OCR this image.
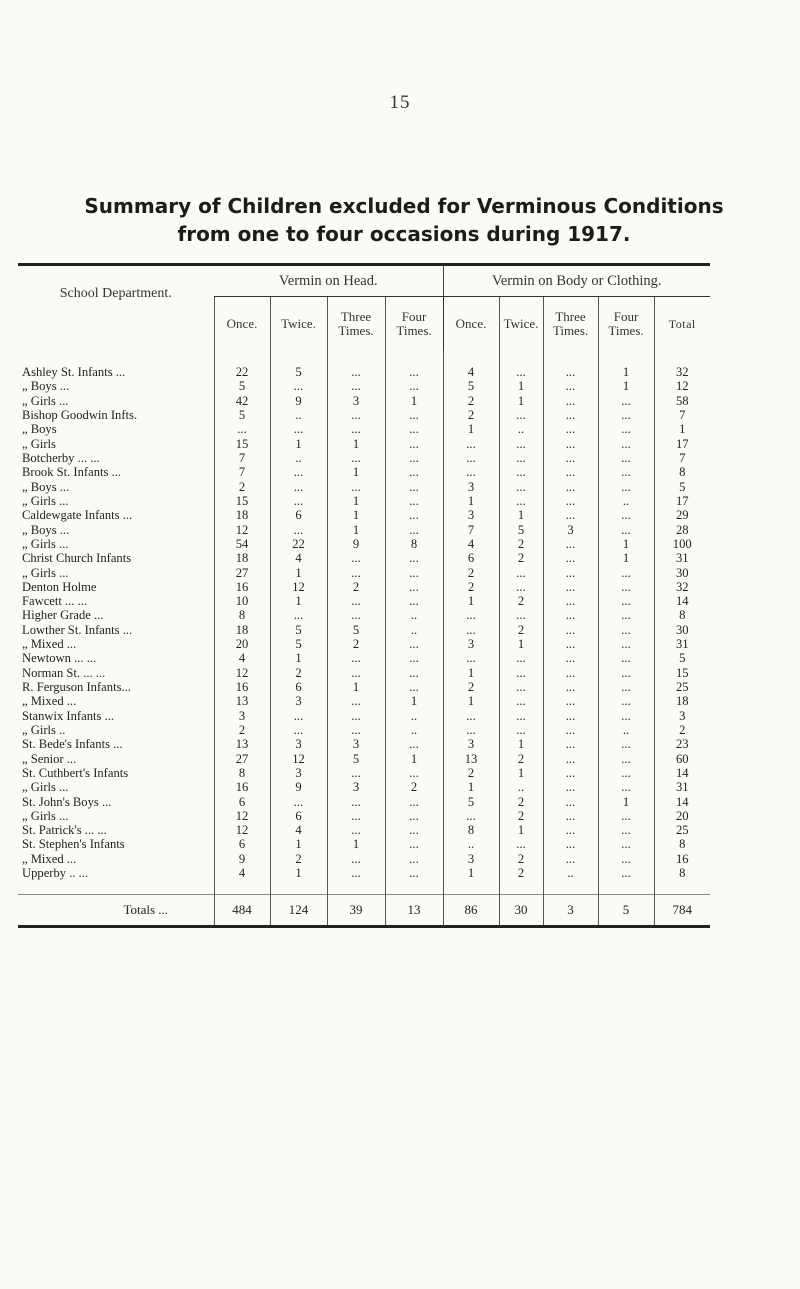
15
Summary of Children excluded for Verminous Conditions
from one to four occasions during 1917.

School Department.	Vermin on Head.				Vermin on Body or Clothing.				
	Once.	Twice.	Three
Times.	Four
Times.	Once.	Twice.	Three
Times.	Four
Times.	Total

Ashley St. Infants ...	22	5	...	...	4	...	...	1	32
„ Boys ...	5	...	...	...	5	1	...	1	12
„ Girls ...	42	9	3	1	2	1	...	...	58
Bishop Goodwin Infts.	5	..	...	...	2	...	...	...	7
„ Boys	...	...	...	...	1	..	...	...	1
„ Girls	15	1	1	...	...	...	...	...	17
Botcherby ... ...	7	..	...	...	...	...	...	...	7
Brook St. Infants ...	7	...	1	...	...	...	...	...	8
„ Boys ...	2	...	...	...	3	...	...	...	5
„ Girls ...	15	...	1	...	1	...	...	..	17
Caldewgate Infants ...	18	6	1	...	3	1	...	...	29
„ Boys ...	12	...	1	...	7	5	3	...	28
„ Girls ...	54	22	9	8	4	2	...	1	100
Christ Church Infants	18	4	...	...	6	2	...	1	31
„ Girls ...	27	1	...	...	2	...	...	...	30
Denton Holme	16	12	2	...	2	...	...	...	32
Fawcett ... ...	10	1	...	...	1	2	...	...	14
Higher Grade ...	8	...	...	..	...	...	...	...	8
Lowther St. Infants ...	18	5	5	..	...	2	...	...	30
„ Mixed ...	20	5	2	...	3	1	...	...	31
Newtown ... ...	4	1	...	...	...	...	...	...	5
Norman St. ... ...	12	2	...	...	1	...	...	...	15
R. Ferguson Infants...	16	6	1	...	2	...	...	...	25
„ Mixed ...	13	3	...	1	1	...	...	...	18
Stanwix Infants ...	3	...	...	..	...	...	...	...	3
„ Girls ..	2	...	...	..	...	...	...	..	2
St. Bede's Infants ...	13	3	3	...	3	1	...	...	23
„ Senior ...	27	12	5	1	13	2	...	...	60
St. Cuthbert's Infants	8	3	...	...	2	1	...	...	14
„ Girls ...	16	9	3	2	1	..	...	...	31
St. John's Boys ...	6	...	...	...	5	2	...	1	14
„ Girls ...	12	6	...	...	...	2	...	...	20
St. Patrick's ... ...	12	4	...	...	8	1	...	...	25
St. Stephen's Infants	6	1	1	...	..	...	...	...	8
„ Mixed ...	9	2	...	...	3	2	...	...	16
Upperby .. ...	4	1	...	...	1	2	..	...	8

Totals ...	484	124	39	13	86	30	3	5	784
